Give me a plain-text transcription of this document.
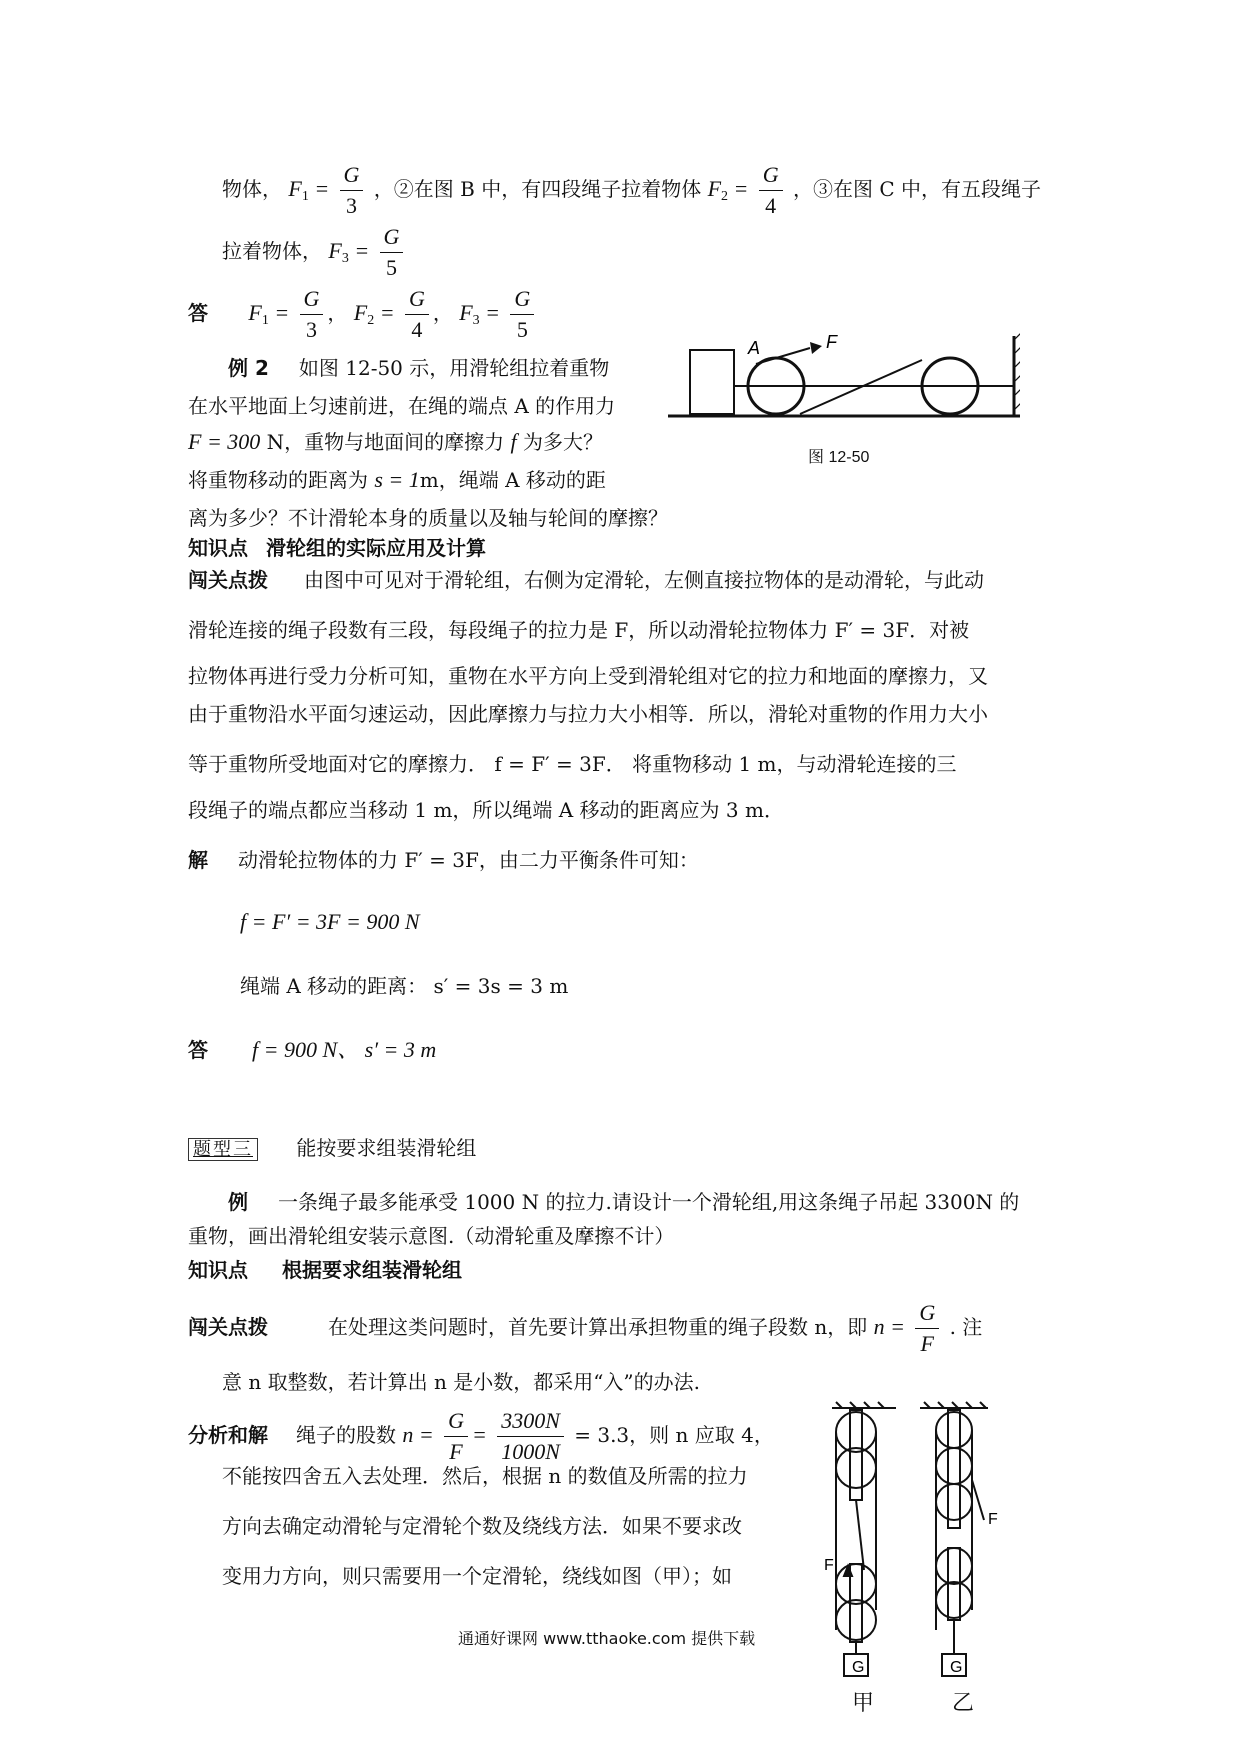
物体， $F_1 = \frac{G}{3}$ ，②在图 B 中，有四段绳子拉着物体 $F_2 = \frac{G}{4}$ ，③在图 C 中，有五段绳子
拉着物体， $F_3 = \frac{G}{5}$
答 $F_1 = \frac{G}{3}$ ， $F_2 = \frac{G}{4}$ ， $F_3 = \frac{G}{5}$
例 2 如图 12-50 示，用滑轮组拉着重物
在水平地面上匀速前进，在绳的端点 A 的作用力
F = 300 N，重物与地面间的摩擦力 f 为多大？
将重物移动的距离为 s = 1m，绳端 A 移动的距
离为多少？不计滑轮本身的质量以及轴与轮间的摩擦？
A	F
图 12-50
知识点 滑轮组的实际应用及计算
闯关点拨 由图中可见对于滑轮组，右侧为定滑轮，左侧直接拉物体的是动滑轮，与此动
滑轮连接的绳子段数有三段，每段绳子的拉力是 F，所以动滑轮拉物体力 F′ = 3F．对被
拉物体再进行受力分析可知，重物在水平方向上受到滑轮组对它的拉力和地面的摩擦力，又
由于重物沿水平面匀速运动，因此摩擦力与拉力大小相等．所以，滑轮对重物的作用力大小
等于重物所受地面对它的摩擦力． f = F′ = 3F． 将重物移动 1 m，与动滑轮连接的三
段绳子的端点都应当移动 1 m，所以绳端 A 移动的距离应为 3 m．
解 动滑轮拉物体的力 F′ = 3F，由二力平衡条件可知：
f = F′ = 3F = 900 N
绳端 A 移动的距离： s′ = 3s = 3 m
答 f = 900 N、 s′ = 3 m
题型三 能按要求组装滑轮组
例 一条绳子最多能承受 1000 N 的拉力.请设计一个滑轮组,用这条绳子吊起 3300N 的
重物，画出滑轮组安装示意图.（动滑轮重及摩擦不计）
知识点 根据要求组装滑轮组
闯关点拨	在处理这类问题时，首先要计算出承担物重的绳子段数 n，即 $n = \frac{G}{F}$ . 注
意 n 取整数，若计算出 n 是小数，都采用“入”的办法.
分析和解 绳子的股数 $n = \frac{G}{F} = \frac{3300N}{1000N} = 3.3$，则 n 应取 4，
不能按四舍五入去处理．然后，根据 n 的数值及所需的拉力
方向去确定动滑轮与定滑轮个数及绕线方法．如果不要求改
变用力方向，则只需要用一个定滑轮，绕线如图（甲）；如
G	G
F
F
甲	乙
通通好课网 www.tthaoke.com 提供下载
